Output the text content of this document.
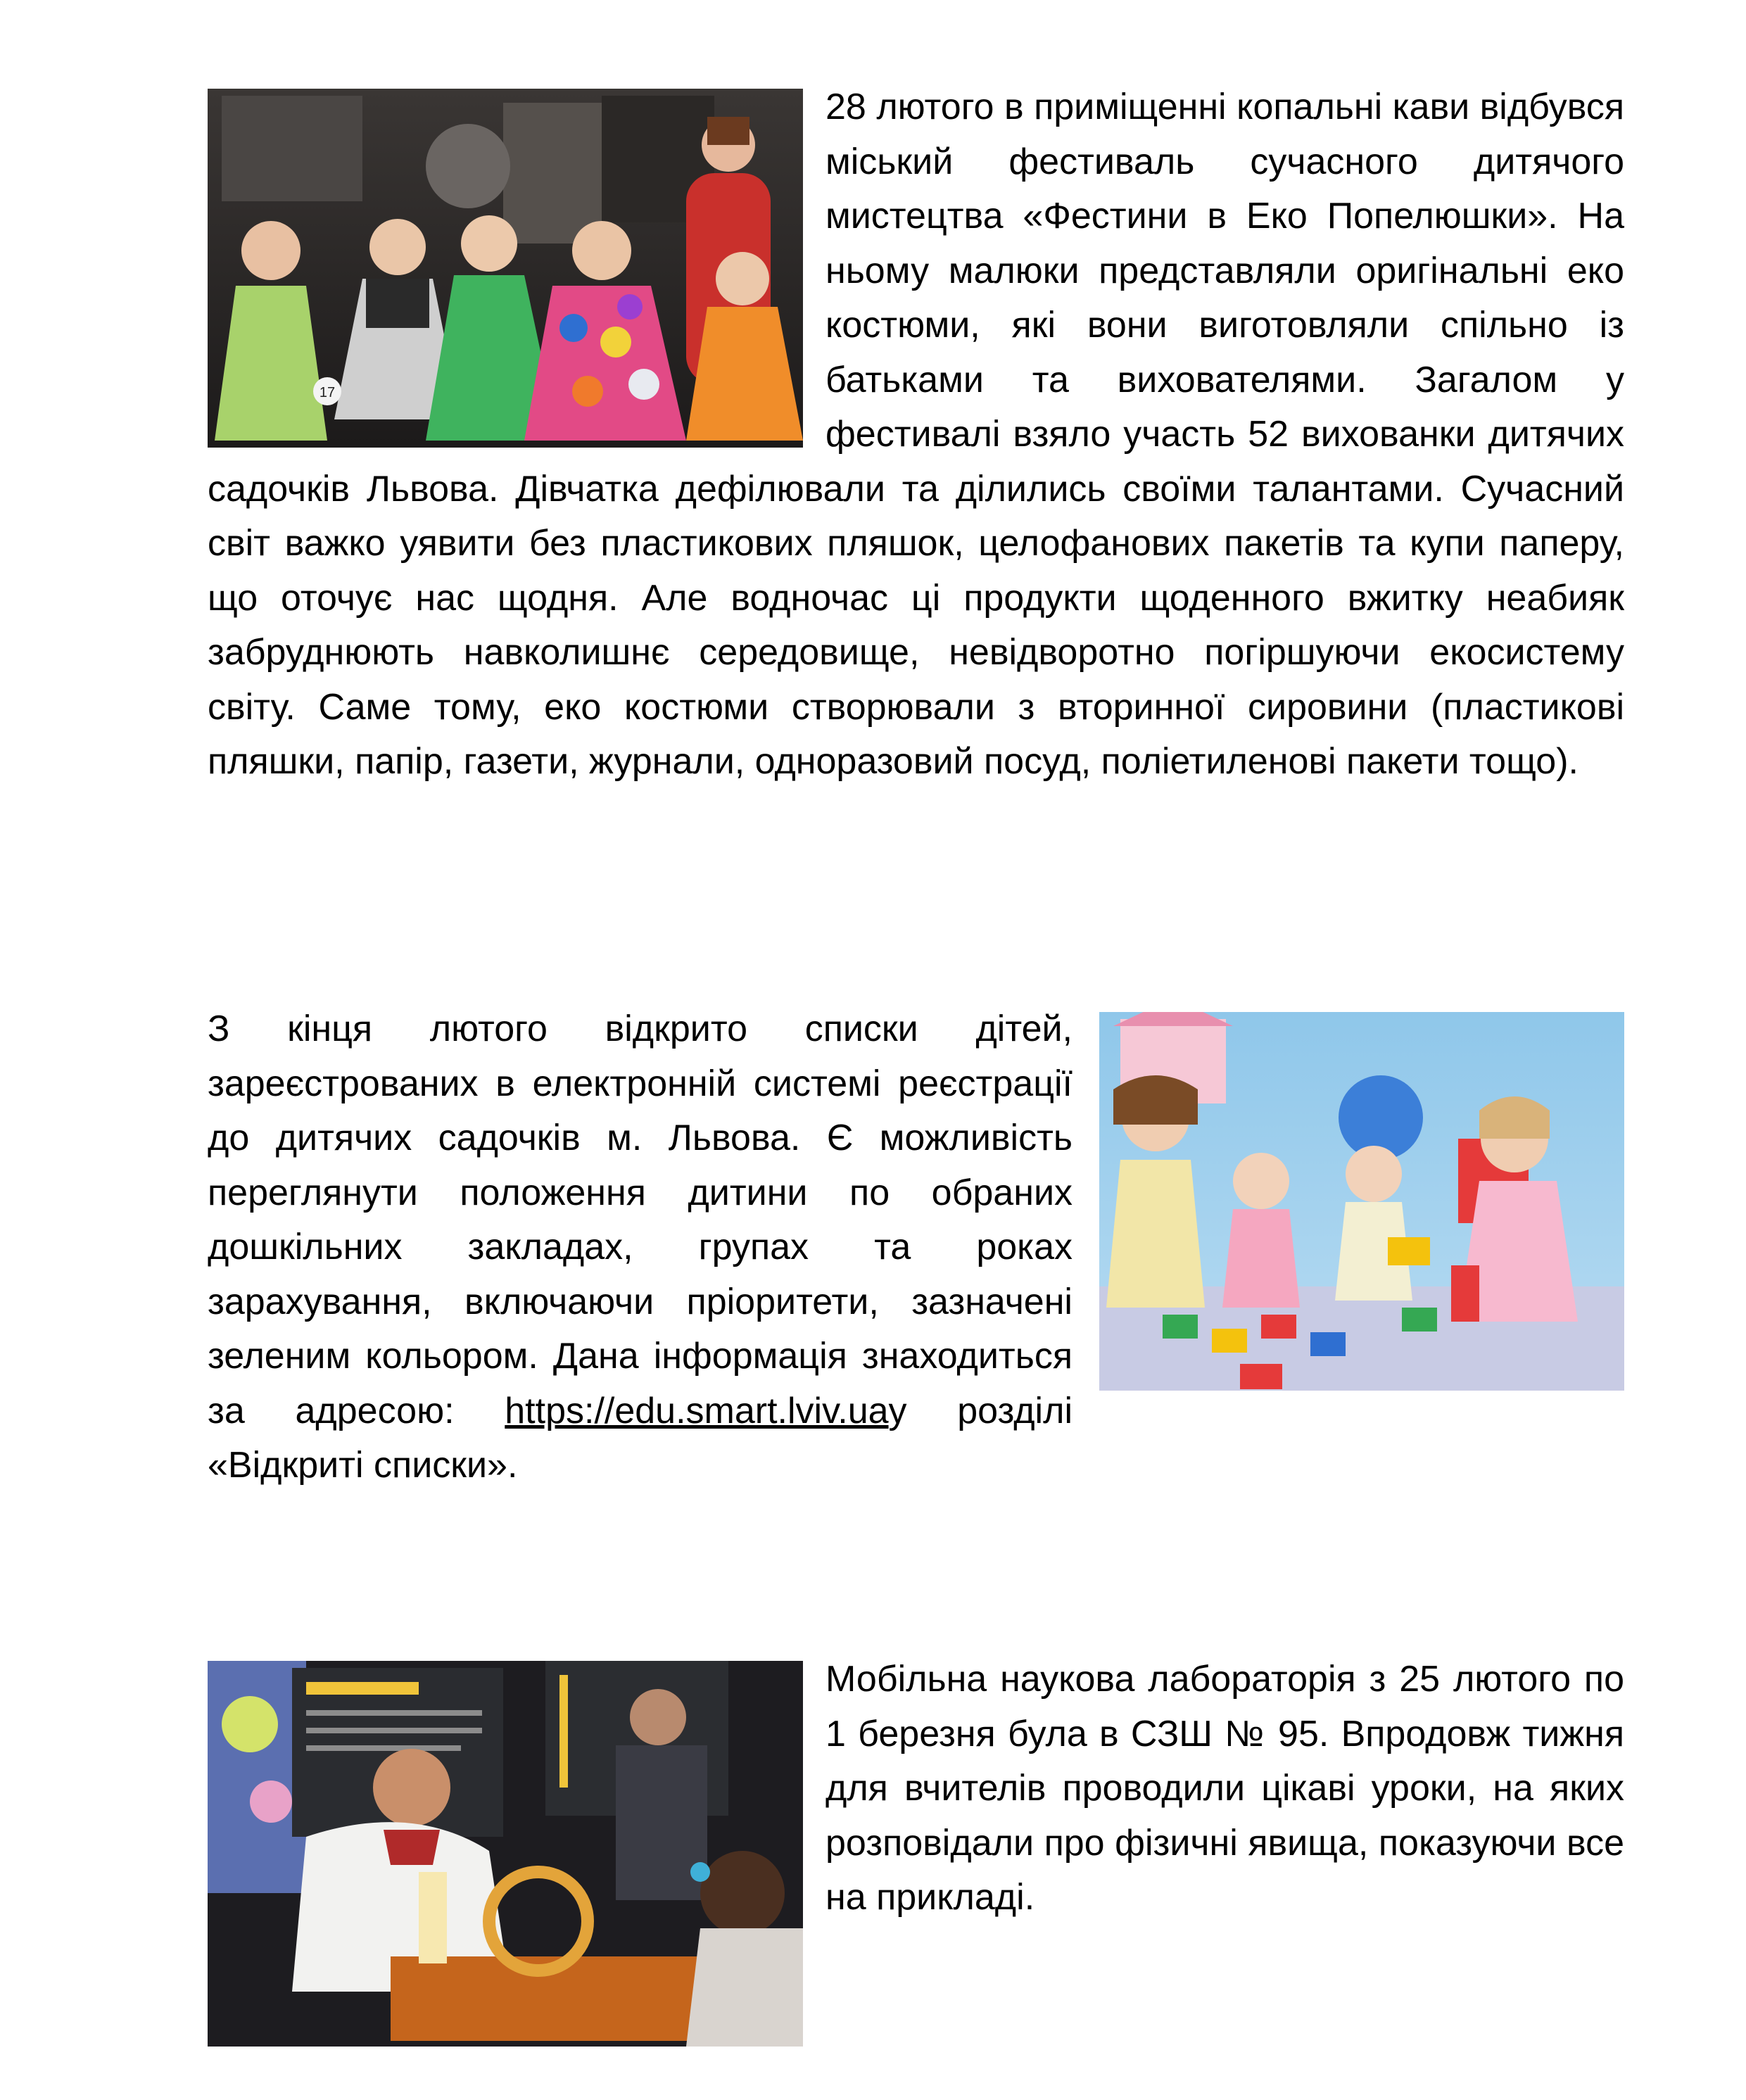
17
28 лютого в приміщенні копальні кави відбувся міський фестиваль сучасного дитячого мистецтва «Фестини в Еко Попелюшки». На ньому малюки представляли оригінальні еко костюми, які вони виготовляли спільно із батьками та вихователями. Загалом у фестивалі взяло участь 52 вихованки дитячих садочків Львова. Дівчатка дефілювали та ділились своїми талантами. Сучасний світ важко уявити без пластикових пляшок, целофанових пакетів та купи паперу, що оточує нас щодня. Але водночас ці продукти щоденного вжитку неабияк забруднюють навколишнє середовище, невідворотно погіршуючи екосистему світу. Саме тому, еко костюми створювали з вторинної сировини (пластикові пляшки, папір, газети, журнали, одноразовий посуд, поліетиленові пакети тощо).
З кінця лютого відкрито списки дітей, зареєстрованих в електронній системі реєстрації до дитячих садочків м. Львова. Є можливість переглянути положення дитини по обраних дошкільних закладах, групах та роках зарахування, включаючи пріоритети, зазначені зеленим кольором. Дана інформація знаходиться за адресою: https://edu.smart.lviv.uaу розділі «Відкриті списки».
Мобільна наукова лабораторія з 25 лютого по 1 березня була в СЗШ № 95. Впродовж тижня для вчителів проводили цікаві уроки, на яких розповідали про фізичні явища, показуючи все на прикладі.
